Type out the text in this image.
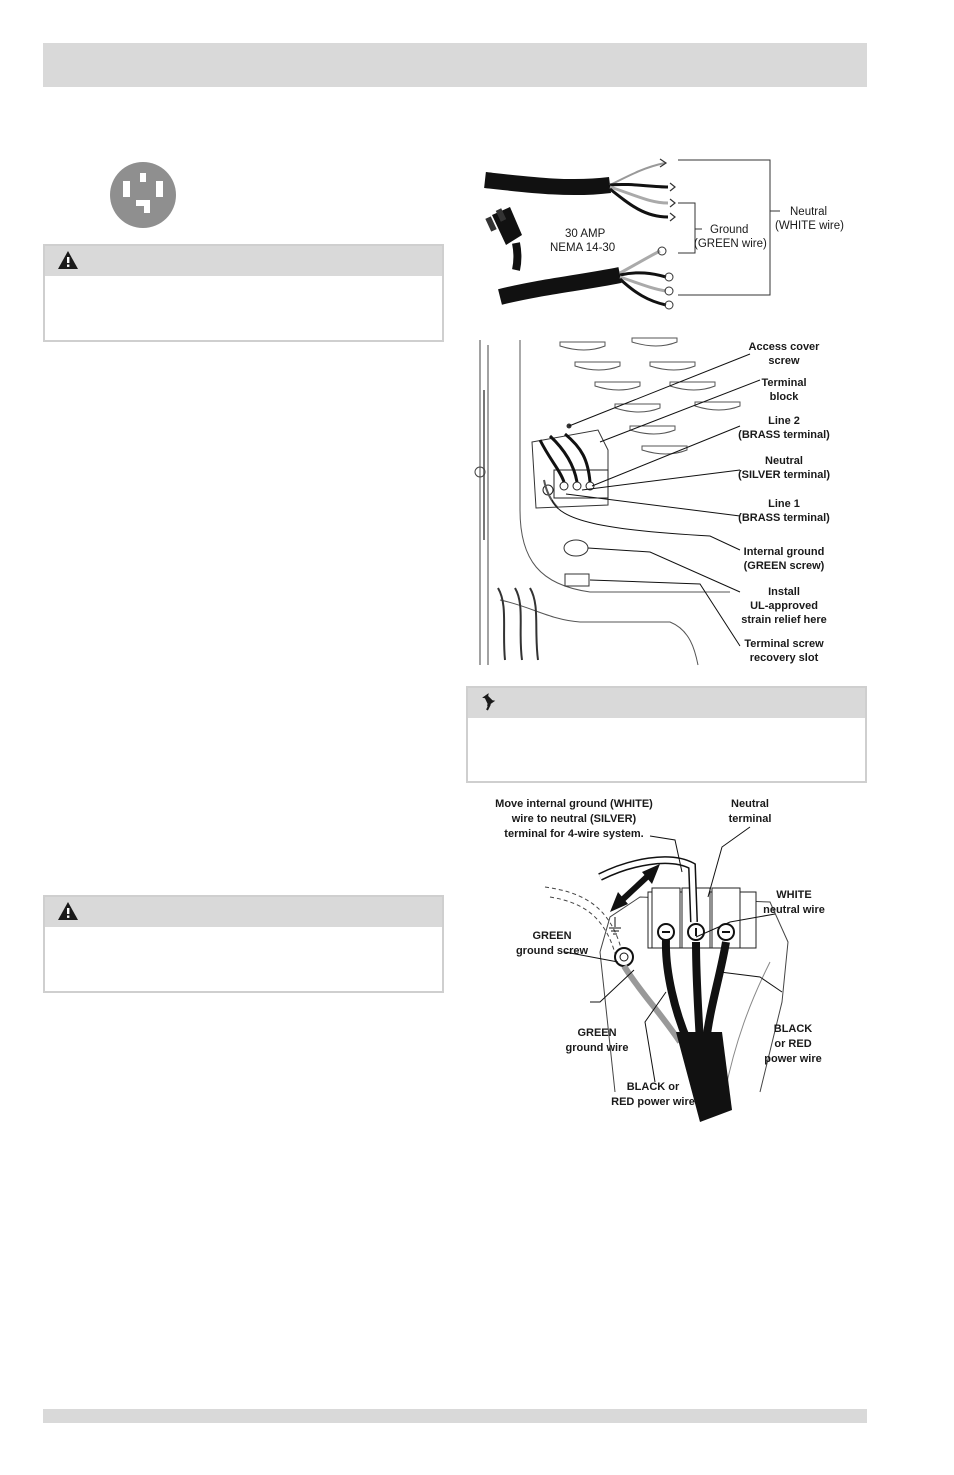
30 AMP
NEMA 14-30
Ground
(GREEN wire)
Neutral
(WHITE wire)
Access cover
screw
Terminal
block
Line 2
(BRASS terminal)
Neutral
(SILVER terminal)
Line 1
(BRASS terminal)
Internal ground
(GREEN screw)
Install
UL-approved
strain relief here
Terminal screw
recovery slot
Move internal ground (WHITE)
wire to neutral (SILVER)
terminal for 4-wire system.
Neutral
terminal
WHITE
neutral wire
GREEN
ground screw
GREEN
ground wire
BLACK
or RED
power wire
BLACK or
RED power wire
